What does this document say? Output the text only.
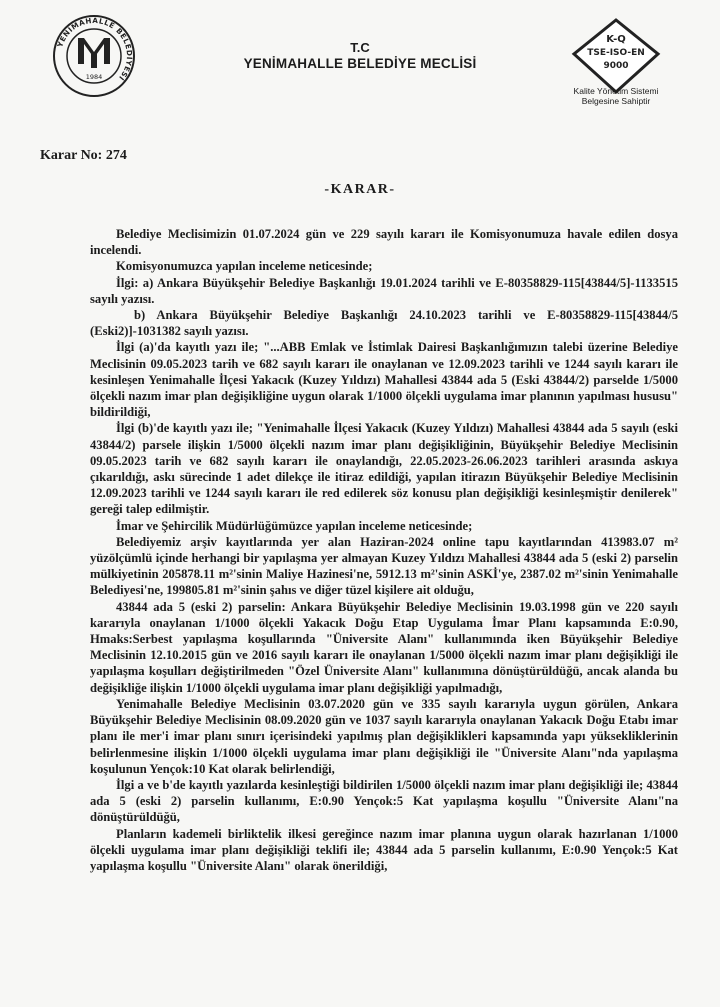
YENİMAHALLE BELEDİYESİ
1984
T.C
YENİMAHALLE BELEDİYE MECLİSİ
K-Q
TSE-ISO-EN
9000
Kalite Yönetim Sistemi
Belgesine Sahiptir
Karar No: 274
-KARAR-

Belediye Meclisimizin 01.07.2024 gün ve 229 sayılı kararı ile Komisyonumuza havale edilen dosya incelendi.

Komisyonumuzca yapılan inceleme neticesinde;

İlgi: a) Ankara Büyükşehir Belediye Başkanlığı 19.01.2024 tarihli ve E-80358829-115[43844/5]-1133515 sayılı yazısı.

b) Ankara Büyükşehir Belediye Başkanlığı 24.10.2023 tarihli ve E-80358829-115[43844/5 (Eski2)]-1031382 sayılı yazısı.

İlgi (a)'da kayıtlı yazı ile; "...ABB Emlak ve İstimlak Dairesi Başkanlığımızın talebi üzerine Belediye Meclisinin 09.05.2023 tarih ve 682 sayılı kararı ile onaylanan ve 12.09.2023 tarihli ve 1244 sayılı kararı ile kesinleşen Yenimahalle İlçesi Yakacık (Kuzey Yıldızı) Mahallesi 43844 ada 5 (Eski 43844/2) parselde 1/5000 ölçekli nazım imar plan değişikliğine uygun olarak 1/1000 ölçekli uygulama imar planının yapılması hususu" bildirildiği,

İlgi (b)'de kayıtlı yazı ile; "Yenimahalle İlçesi Yakacık (Kuzey Yıldızı) Mahallesi 43844 ada 5 sayılı (eski 43844/2) parsele ilişkin 1/5000 ölçekli nazım imar planı değişikliğinin, Büyükşehir Belediye Meclisinin 09.05.2023 tarih ve 682 sayılı kararı ile onaylandığı, 22.05.2023-26.06.2023 tarihleri arasında askıya çıkarıldığı, askı sürecinde 1 adet dilekçe ile itiraz edildiği, yapılan itirazın Büyükşehir Belediye Meclisinin 12.09.2023 tarihli ve 1244 sayılı kararı ile red edilerek söz konusu plan değişikliği kesinleşmiştir denilerek" gereği talep edilmiştir.

İmar ve Şehircilik Müdürlüğümüzce yapılan inceleme neticesinde;

Belediyemiz arşiv kayıtlarında yer alan Haziran-2024 online tapu kayıtlarından 413983.07 m² yüzölçümlü içinde herhangi bir yapılaşma yer almayan Kuzey Yıldızı Mahallesi 43844 ada 5 (eski 2) parselin mülkiyetinin 205878.11 m²'sinin Maliye Hazinesi'ne, 5912.13 m²'sinin ASKİ'ye, 2387.02 m²'sinin Yenimahalle Belediyesi'ne, 199805.81 m²'sinin şahıs ve diğer tüzel kişilere ait olduğu,

43844 ada 5 (eski 2) parselin: Ankara Büyükşehir Belediye Meclisinin 19.03.1998 gün ve 220 sayılı kararıyla onaylanan 1/1000 ölçekli Yakacık Doğu Etap Uygulama İmar Planı kapsamında E:0.90, Hmaks:Serbest yapılaşma koşullarında "Üniversite Alanı" kullanımında iken Büyükşehir Belediye Meclisinin 12.10.2015 gün ve 2016 sayılı kararı ile onaylanan 1/5000 ölçekli nazım imar planı değişikliği ile yapılaşma koşulları değiştirilmeden "Özel Üniversite Alanı" kullanımına dönüştürüldüğü, ancak alanda bu değişikliğe ilişkin 1/1000 ölçekli uygulama imar planı değişikliği yapılmadığı,

Yenimahalle Belediye Meclisinin 03.07.2020 gün ve 335 sayılı kararıyla uygun görülen, Ankara Büyükşehir Belediye Meclisinin 08.09.2020 gün ve 1037 sayılı kararıyla onaylanan Yakacık Doğu Etabı imar planı ile mer'i imar planı sınırı içerisindeki yapılmış plan değişiklikleri kapsamında yapı yüksekliklerinin belirlenmesine ilişkin 1/1000 ölçekli uygulama imar planı değişikliği ile "Üniversite Alanı"nda yapılaşma koşulunun Yençok:10 Kat olarak belirlendiği,

İlgi a ve b'de kayıtlı yazılarda kesinleştiği bildirilen 1/5000 ölçekli nazım imar planı değişikliği ile; 43844 ada 5 (eski 2) parselin kullanımı, E:0.90 Yençok:5 Kat yapılaşma koşullu "Üniversite Alanı"na dönüştürüldüğü,

Planların kademeli birliktelik ilkesi gereğince nazım imar planına uygun olarak hazırlanan 1/1000 ölçekli uygulama imar planı değişikliği teklifi ile; 43844 ada 5 parselin kullanımı, E:0.90 Yençok:5 Kat yapılaşma koşullu "Üniversite Alanı" olarak önerildiği,
